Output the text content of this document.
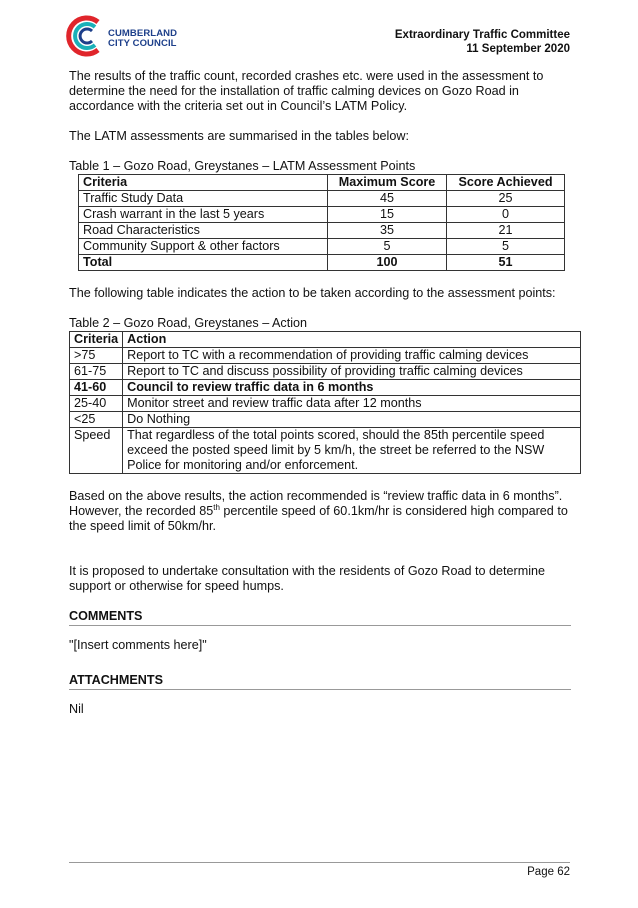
CUMBERLAND
CITY COUNCIL
Extraordinary Traffic Committee
11 September 2020

The results of the traffic count, recorded crashes etc. were used in the assessment to determine the need for the installation of traffic calming devices on Gozo Road in accordance with the criteria set out in Council’s LATM Policy.

The LATM assessments are summarised in the tables below:

Table 1 – Gozo Road, Greystanes – LATM Assessment Points

Criteria	Maximum Score	Score Achieved
Traffic Study Data	45	25
Crash warrant in the last 5 years	15	0
Road Characteristics	35	21
Community Support & other factors	5	5
Total	100	51

The following table indicates the action to be taken according to the assessment points:

Table 2 – Gozo Road, Greystanes – Action

Criteria	Action
>75	Report to TC with a recommendation of providing traffic calming devices
61-75	Report to TC and discuss possibility of providing traffic calming devices
41-60	Council to review traffic data in 6 months
25-40	Monitor street and review traffic data after 12 months
<25	Do Nothing
Speed	That regardless of the total points scored, should the 85th percentile speed exceed the posted speed limit by 5 km/h, the street be referred to the NSW Police for monitoring and/or enforcement.

Based on the above results, the action recommended is “review traffic data in 6 months”. However, the recorded 85th percentile speed of 60.1km/hr is considered high compared to the speed limit of 50km/hr.

It is proposed to undertake consultation with the residents of Gozo Road to determine support or otherwise for speed humps.

COMMENTS

"[Insert comments here]"

ATTACHMENTS

Nil

Page 62
